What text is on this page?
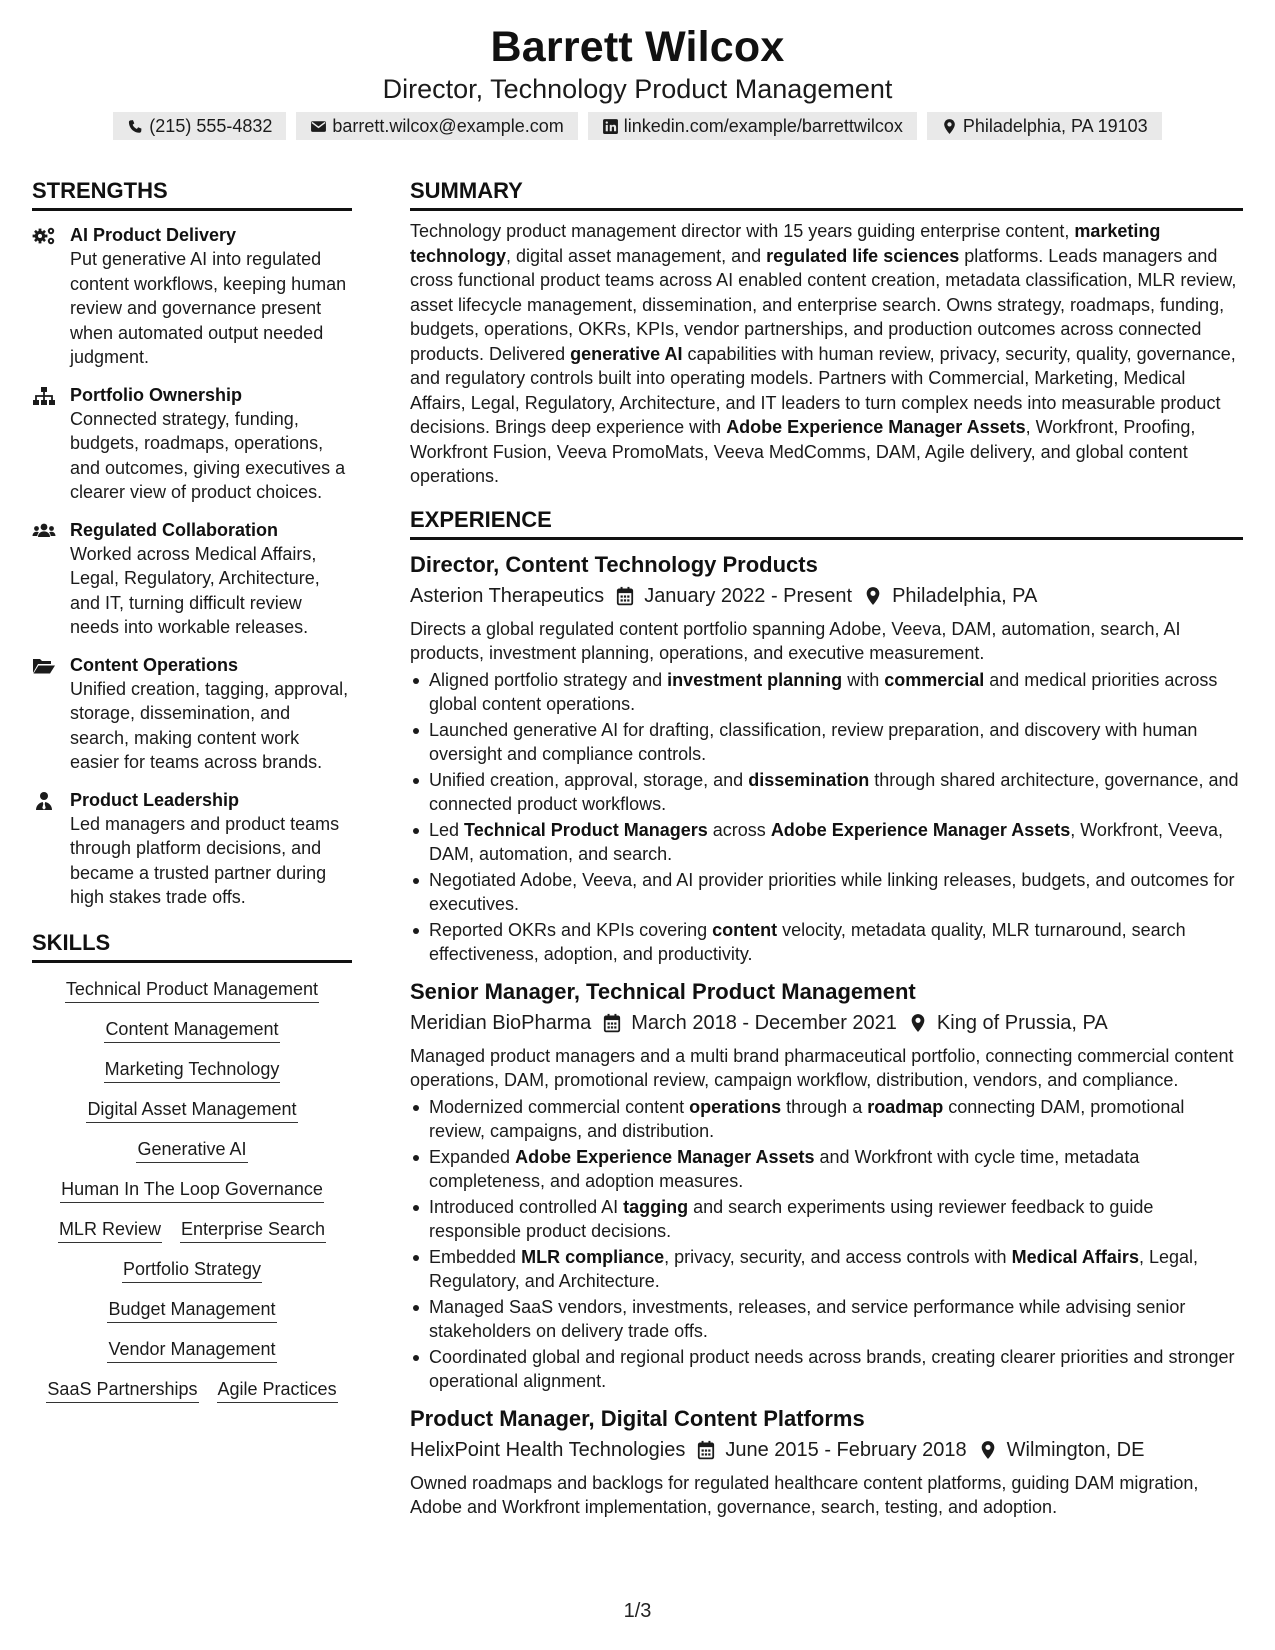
Barrett Wilcox
Director, Technology Product Management
(215) 555-4832	barrett.wilcox@example.com	linkedin.com/example/barrettwilcox	Philadelphia, PA 19103
STRENGTHS
AI Product Delivery
Put generative AI into regulated content workflows, keeping human review and governance present when automated output needed judgment.
Portfolio Ownership
Connected strategy, funding, budgets, roadmaps, operations, and outcomes, giving executives a clearer view of product choices.
Regulated Collaboration
Worked across Medical Affairs, Legal, Regulatory, Architecture, and IT, turning difficult review needs into workable releases.
Content Operations
Unified creation, tagging, approval, storage, dissemination, and search, making content work easier for teams across brands.
Product Leadership
Led managers and product teams through platform decisions, and became a trusted partner during high stakes trade offs.
SKILLS
Technical Product Management
Content Management
Marketing Technology
Digital Asset Management
Generative AI
Human In The Loop Governance
MLR Review Enterprise Search
Portfolio Strategy
Budget Management
Vendor Management
SaaS Partnerships Agile Practices
SUMMARY
Technology product management director with 15 years guiding enterprise content, marketing technology, digital asset management, and regulated life sciences platforms. Leads managers and cross functional product teams across AI enabled content creation, metadata classification, MLR review, asset lifecycle management, dissemination, and enterprise search. Owns strategy, roadmaps, funding, budgets, operations, OKRs, KPIs, vendor partnerships, and production outcomes across connected products. Delivered generative AI capabilities with human review, privacy, security, quality, governance, and regulatory controls built into operating models. Partners with Commercial, Marketing, Medical Affairs, Legal, Regulatory, Architecture, and IT leaders to turn complex needs into measurable product decisions. Brings deep experience with Adobe Experience Manager Assets, Workfront, Proofing, Workfront Fusion, Veeva PromoMats, Veeva MedComms, DAM, Agile delivery, and global content operations.
EXPERIENCE
Director, Content Technology Products
Asterion Therapeutics January 2022 - Present Philadelphia, PA
Directs a global regulated content portfolio spanning Adobe, Veeva, DAM, automation, search, AI products, investment planning, operations, and executive measurement.
Aligned portfolio strategy and investment planning with commercial and medical priorities across global content operations.
Launched generative AI for drafting, classification, review preparation, and discovery with human oversight and compliance controls.
Unified creation, approval, storage, and dissemination through shared architecture, governance, and connected product workflows.
Led Technical Product Managers across Adobe Experience Manager Assets, Workfront, Veeva, DAM, automation, and search.
Negotiated Adobe, Veeva, and AI provider priorities while linking releases, budgets, and outcomes for executives.
Reported OKRs and KPIs covering content velocity, metadata quality, MLR turnaround, search effectiveness, adoption, and productivity.
Senior Manager, Technical Product Management
Meridian BioPharma March 2018 - December 2021 King of Prussia, PA
Managed product managers and a multi brand pharmaceutical portfolio, connecting commercial content operations, DAM, promotional review, campaign workflow, distribution, vendors, and compliance.
Modernized commercial content operations through a roadmap connecting DAM, promotional review, campaigns, and distribution.
Expanded Adobe Experience Manager Assets and Workfront with cycle time, metadata completeness, and adoption measures.
Introduced controlled AI tagging and search experiments using reviewer feedback to guide responsible product decisions.
Embedded MLR compliance, privacy, security, and access controls with Medical Affairs, Legal, Regulatory, and Architecture.
Managed SaaS vendors, investments, releases, and service performance while advising senior stakeholders on delivery trade offs.
Coordinated global and regional product needs across brands, creating clearer priorities and stronger operational alignment.
Product Manager, Digital Content Platforms
HelixPoint Health Technologies June 2015 - February 2018 Wilmington, DE
Owned roadmaps and backlogs for regulated healthcare content platforms, guiding DAM migration, Adobe and Workfront implementation, governance, search, testing, and adoption.
1/3
